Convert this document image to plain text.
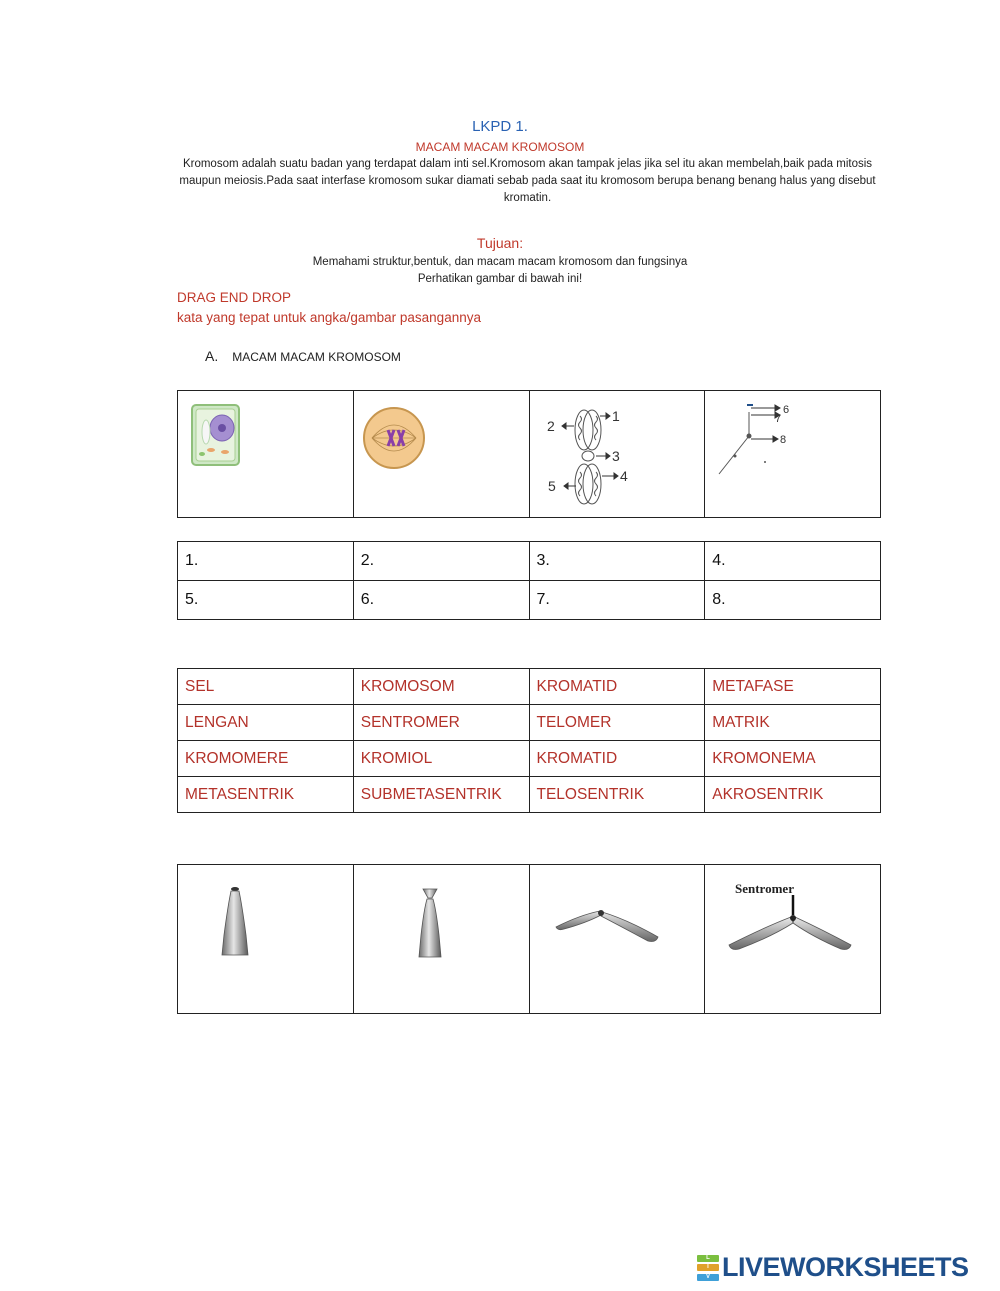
LKPD 1.
MACAM MACAM KROMOSOM
Kromosom adalah suatu badan yang terdapat dalam inti sel.Kromosom akan tampak jelas jika sel itu akan membelah,baik pada mitosis maupun meiosis.Pada saat interfase kromosom sukar diamati sebab pada saat itu kromosom berupa benang benang halus yang disebut kromatin.
Tujuan:
Memahami struktur,bentuk, dan macam macam kromosom dan fungsinya
Perhatikan gambar di bawah ini!
DRAG END DROP
kata yang tepat untuk angka/gambar pasangannya
A. MACAM MACAM KROMOSOM

1
2
3
4
5

6
7
8
1.	2.	3.	4.
5.	6.	7.	8.
SEL	KROMOSOM	KROMATID	METAFASE
LENGAN	SENTROMER	TELOMER	MATRIK
KROMOMERE	KROMIOL	KROMATID	KROMONEMA
METASENTRIK	SUBMETASENTRIK	TELOSENTRIK	AKROSENTRIK

Sentromer
L
I
V LIVEWORKSHEETS
